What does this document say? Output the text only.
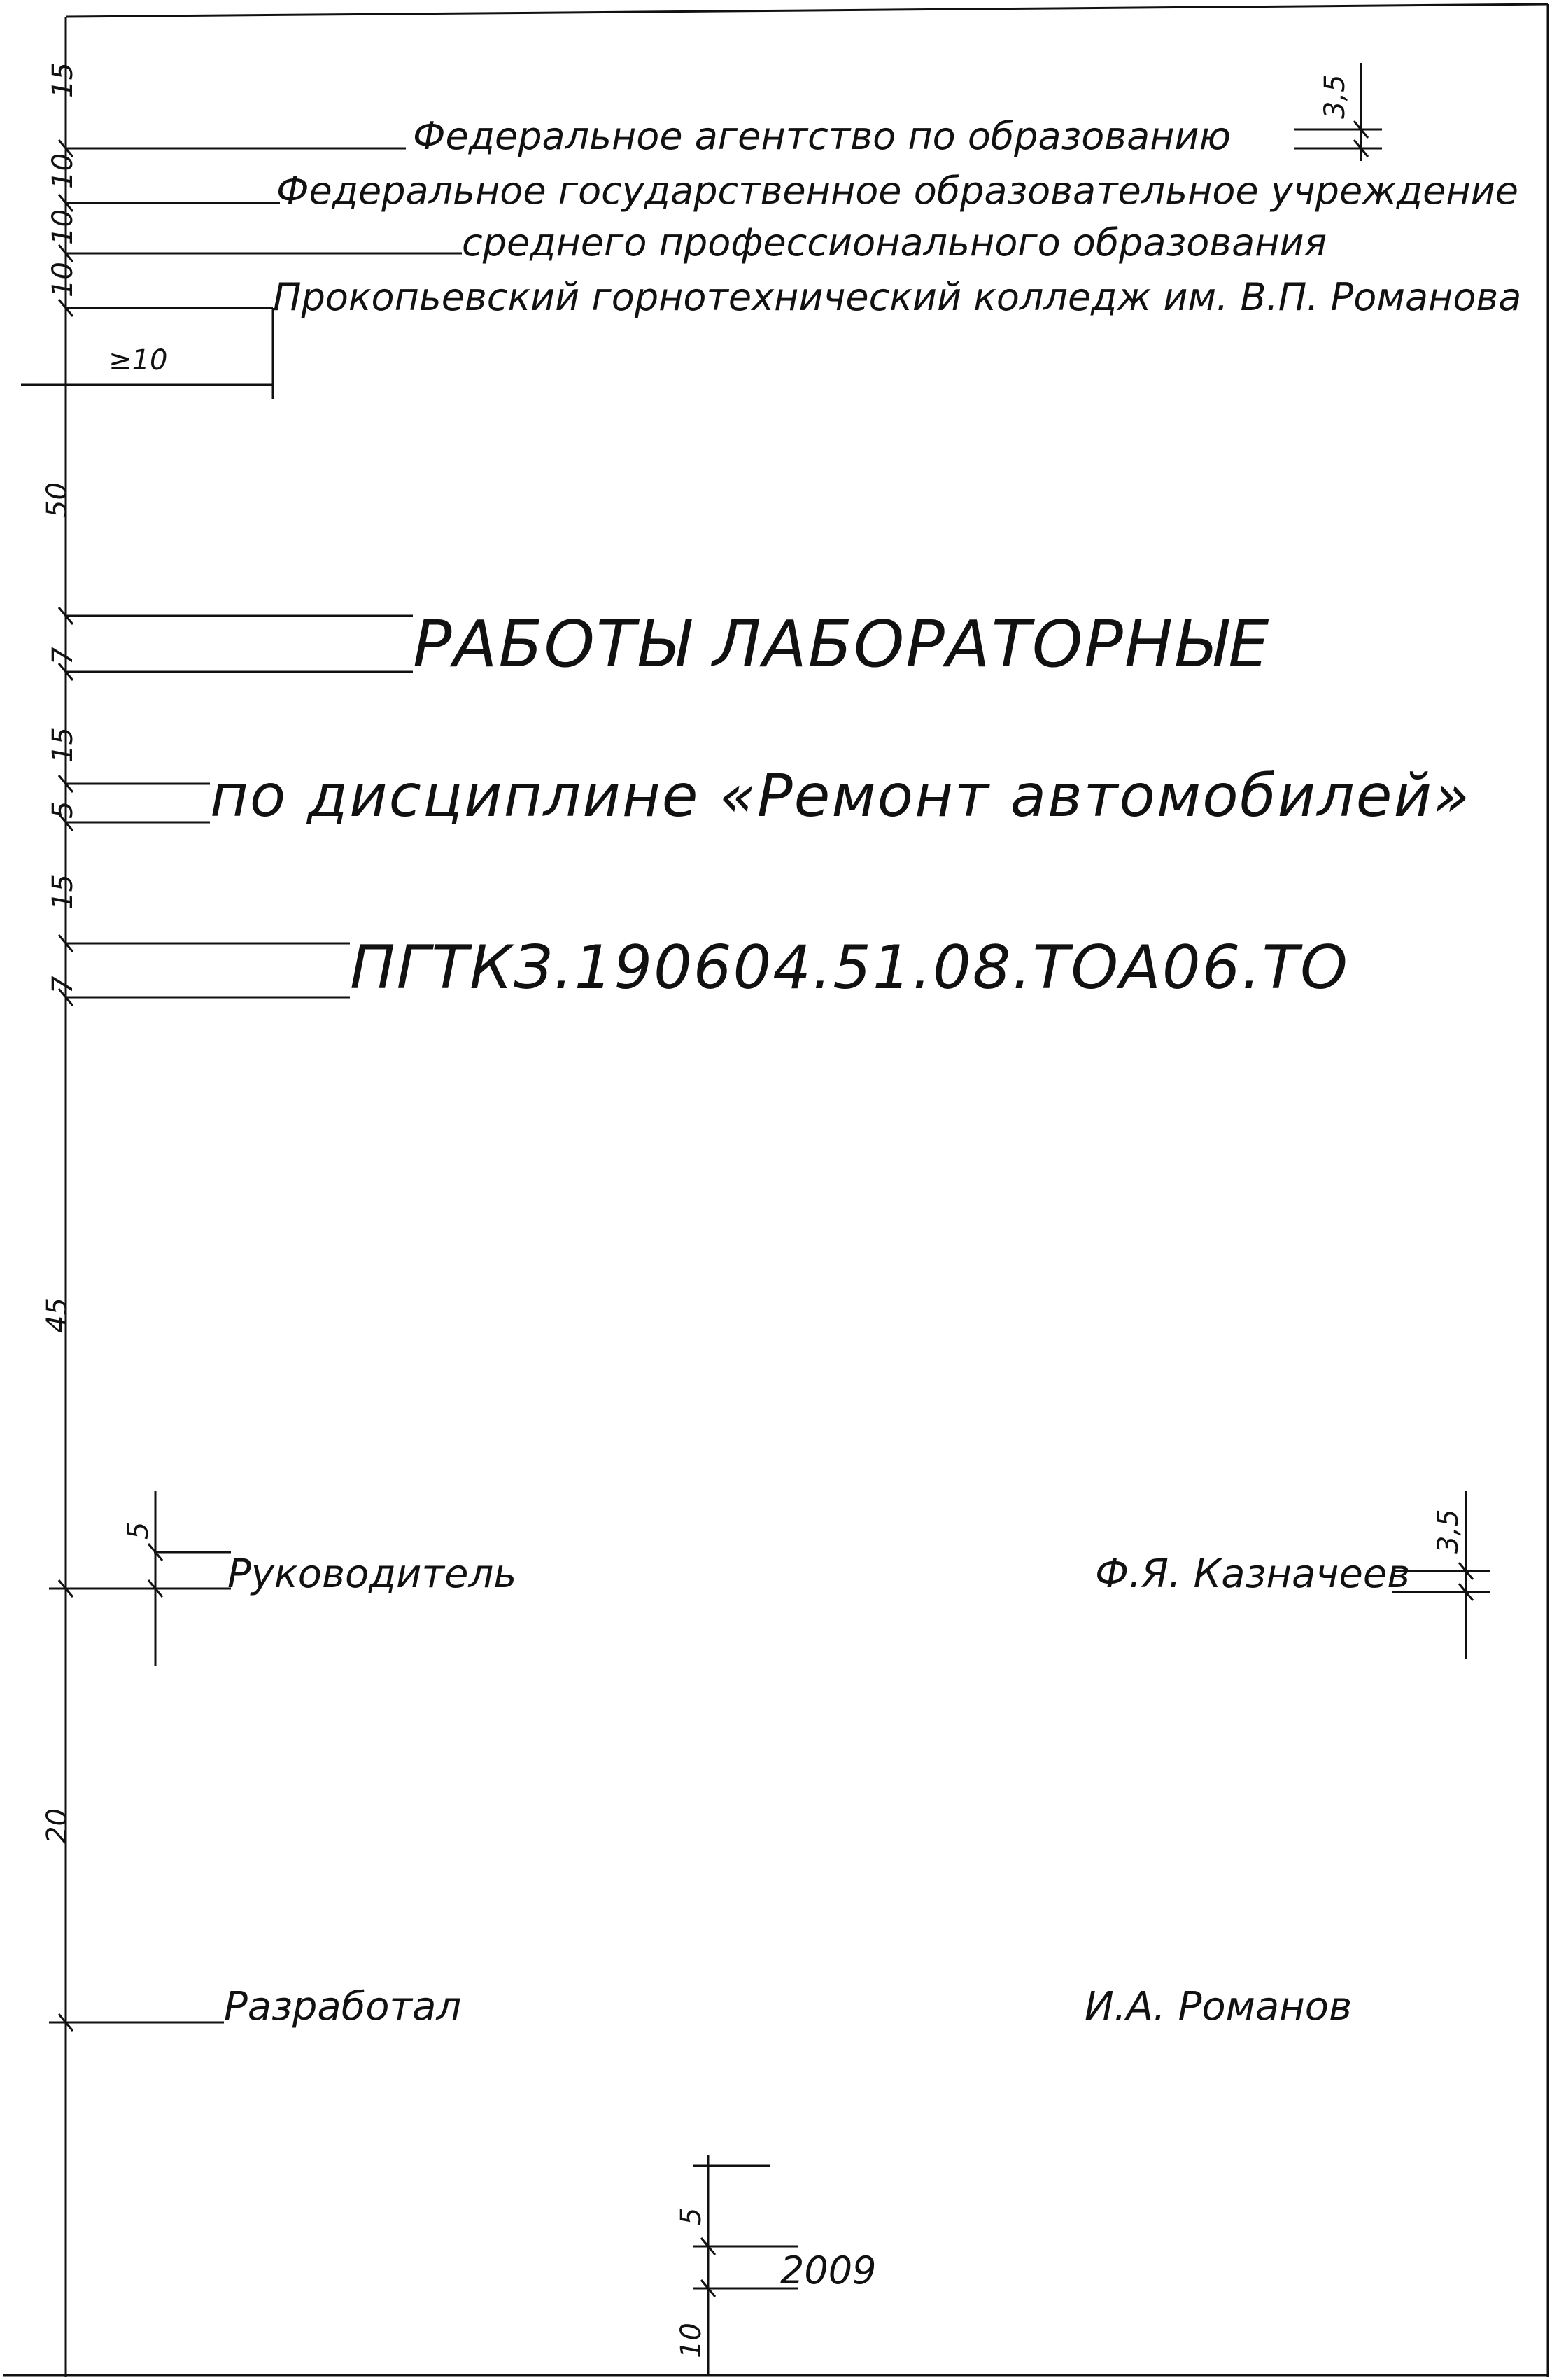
15
10
10
10
50
7
15
5
15
7
45
20
≥10
3,5
5	3,5
5
10
Федеральное агентство по образованию
Федеральное государственное образовательное учреждение
среднего профессионального образования
Прокопьевский горнотехнический колледж им. В.П. Романова
РАБОТЫ ЛАБОРАТОРНЫЕ
по дисциплине «Ремонт автомобилей»
ПГТКЗ.190604.51.08.ТОА06.ТО
Руководитель	Ф.Я. Казначеев
Разработал	И.А. Романов
2009
